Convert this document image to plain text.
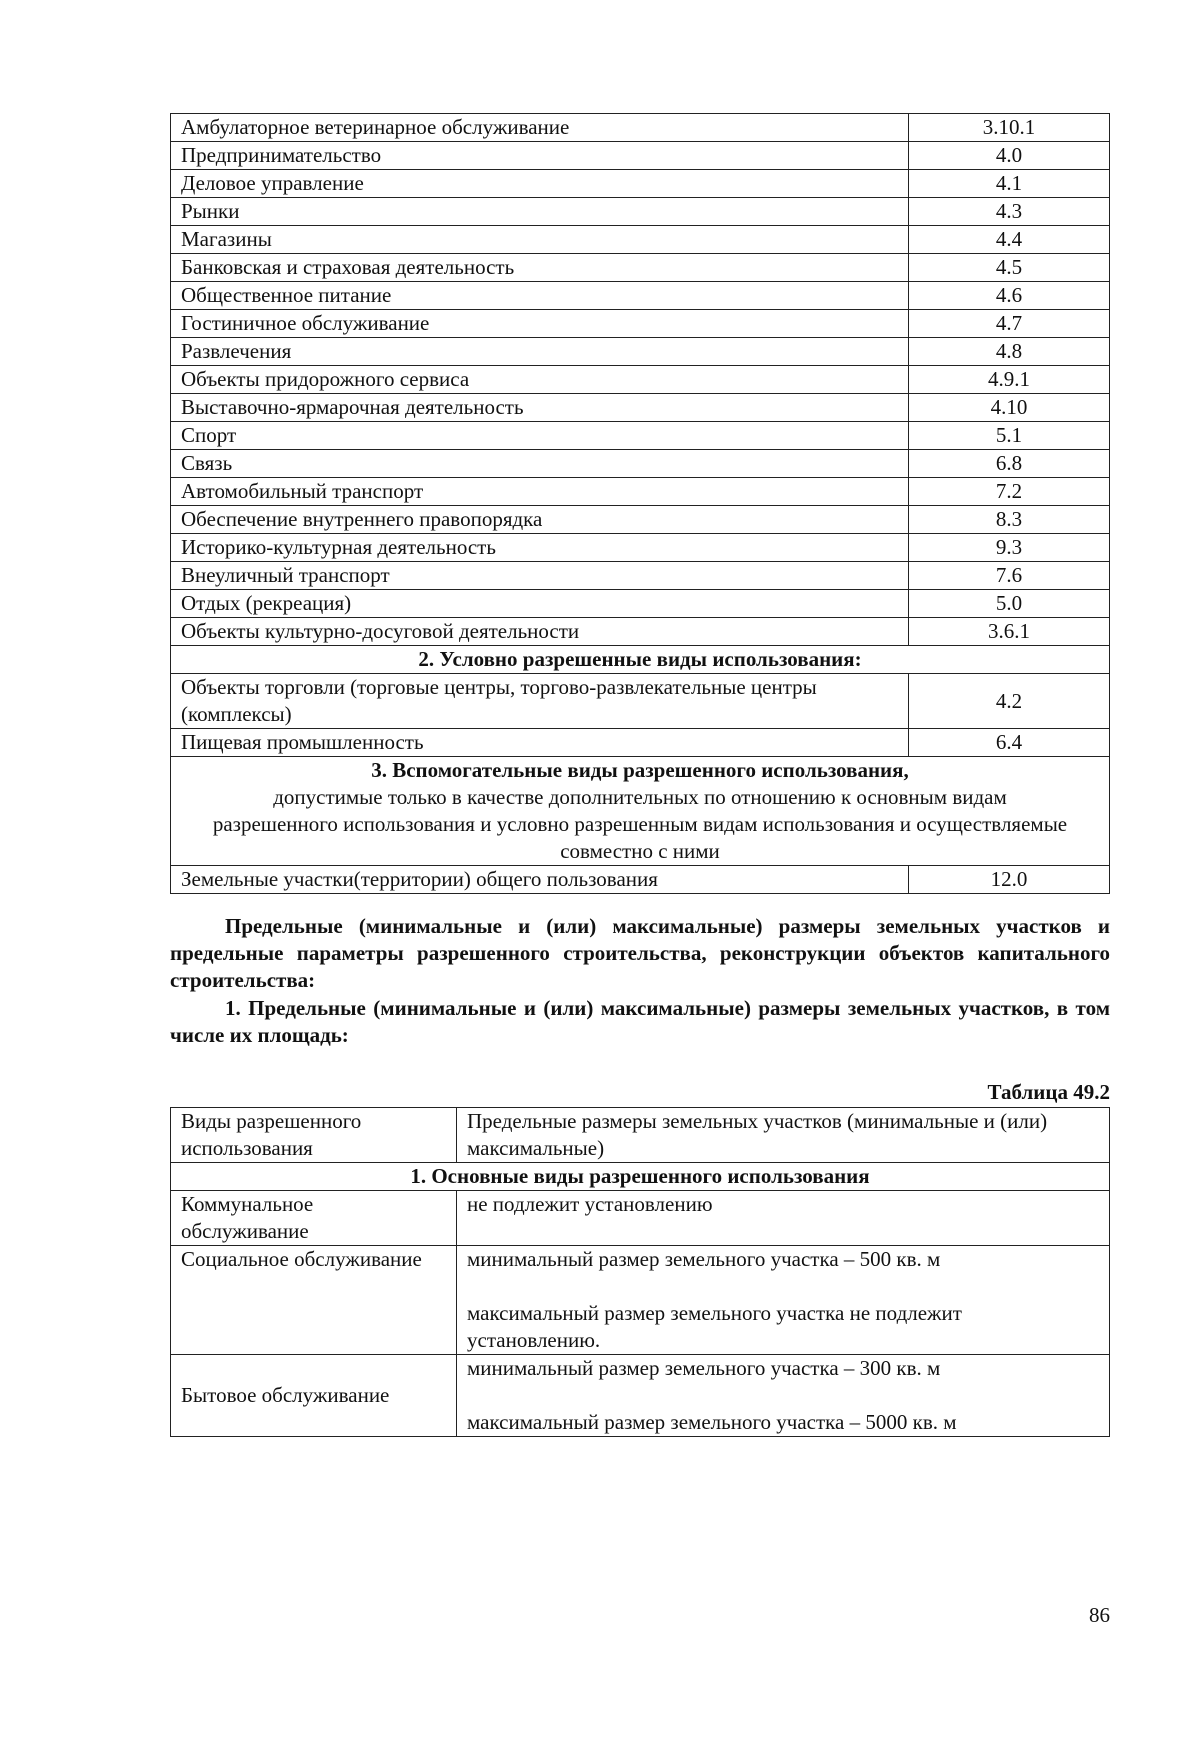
Амбулаторное ветеринарное обслуживание	3.10.1
Предпринимательство	4.0
Деловое управление	4.1
Рынки	4.3
Магазины	4.4
Банковская и страховая деятельность	4.5
Общественное питание	4.6
Гостиничное обслуживание	4.7
Развлечения	4.8
Объекты придорожного сервиса	4.9.1
Выставочно-ярмарочная деятельность	4.10
Спорт	5.1
Связь	6.8
Автомобильный транспорт	7.2
Обеспечение внутреннего правопорядка	8.3
Историко-культурная деятельность	9.3
Внеуличный транспорт	7.6
Отдых (рекреация)	5.0
Объекты культурно-досуговой деятельности	3.6.1
2. Условно разрешенные виды использования:	
Объекты торговли (торговые центры, торгово-развлекательные центры (комплексы)	4.2
Пищевая промышленность	6.4

3. Вспомогательные виды разрешенного использования,
допустимые только в качестве дополнительных по отношению к основным видам разрешенного использования и условно разрешенным видам использования и осуществляемые совместно с ними	

Земельные участки(территории) общего пользования	12.0

Предельные (минимальные и (или) максимальные) размеры земельных участков и предельные параметры разрешенного строительства, реконструкции объектов капитального строительства:

1. Предельные (минимальные и (или) максимальные) размеры земельных участков, в том числе их площадь:

Таблица 49.2
Виды разрешенного использования	Предельные размеры земельных участков (минимальные и (или) максимальные)
1. Основные виды разрешенного использования	
Коммунальное обслуживание	не подлежит установлению
Социальное обслуживание	минимальный размер земельного участка – 500 кв. м
максимальный размер земельного участка не подлежит установлению.

Бытовое обслуживание	минимальный размер земельного участка – 300 кв. м
максимальный размер земельного участка – 5000 кв. м
86
